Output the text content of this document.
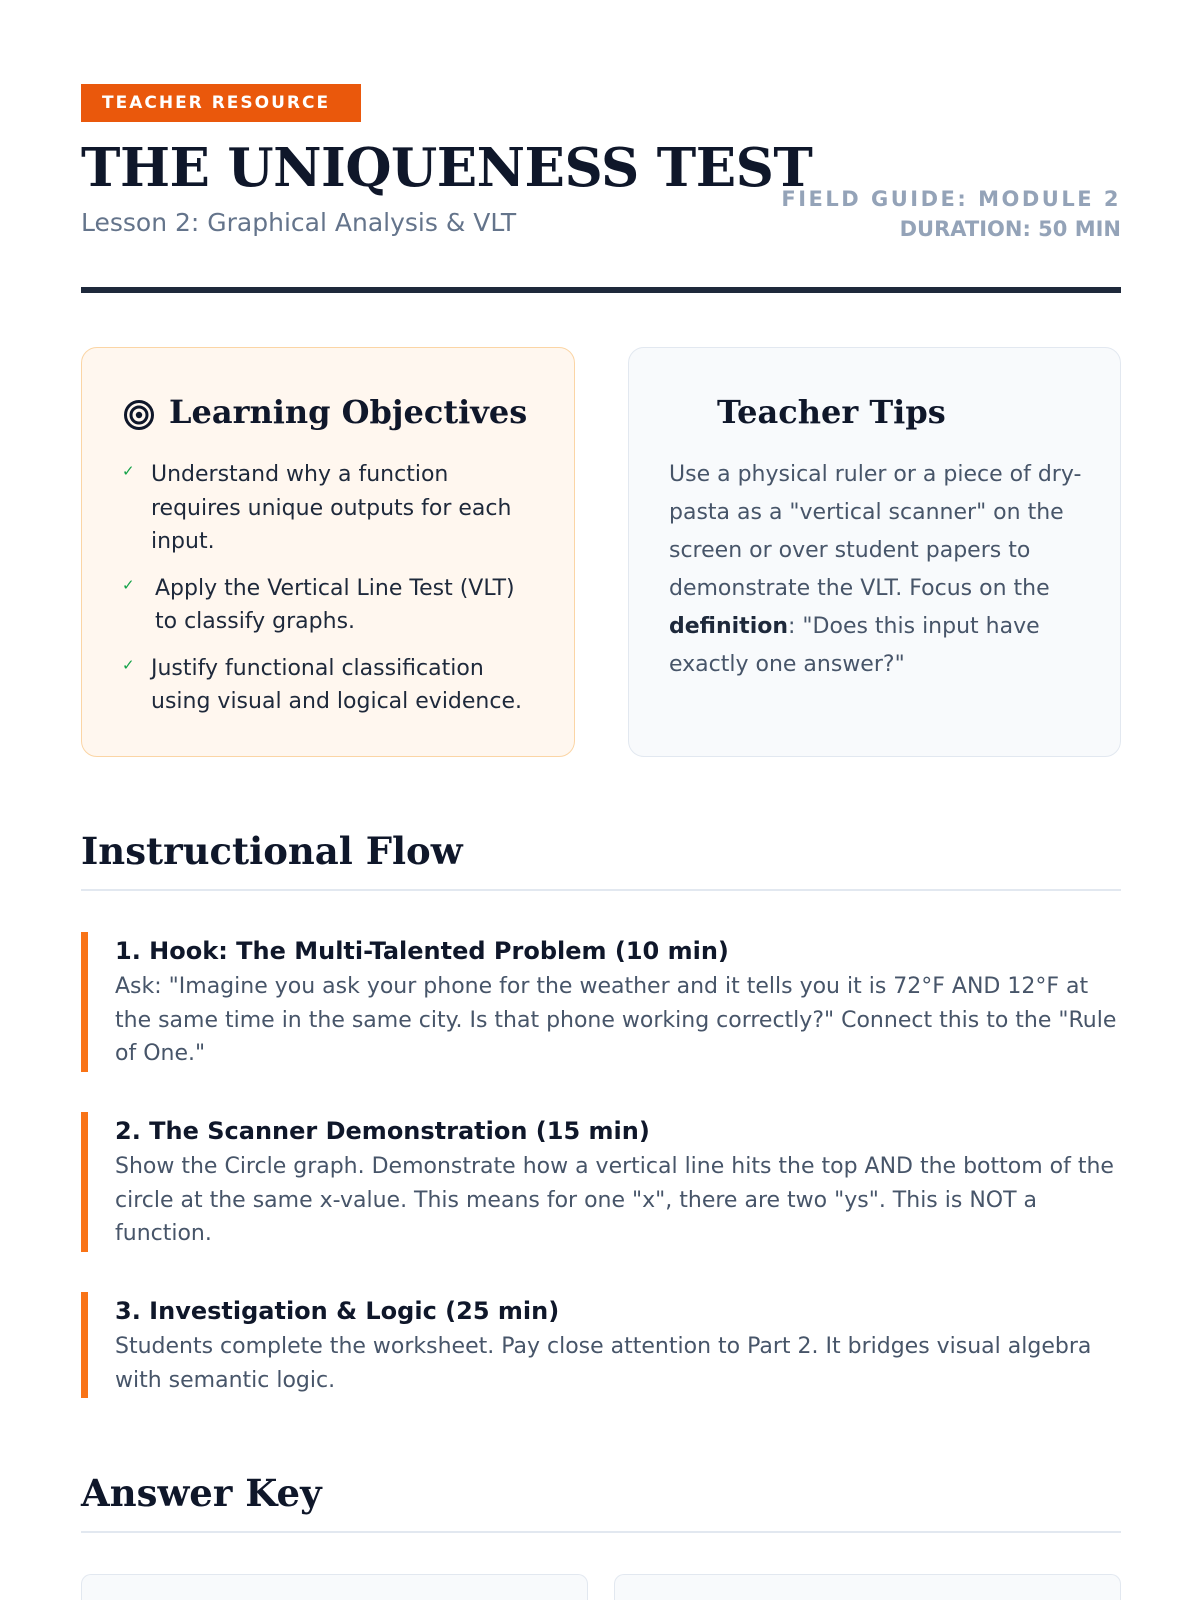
TEACHER RESOURCE
THE UNIQUENESS TEST
Lesson 2: Graphical Analysis & VLT
FIELD GUIDE: MODULE 2
DURATION: 50 MIN
Learning Objectives
✓ Understand why a function requires unique outputs for each input.
✓ Apply the Vertical Line Test (VLT) to classify graphs.
✓ Justify functional classification using visual and logical evidence.
Teacher Tips

Use a physical ruler or a piece of dry-pasta as a "vertical scanner" on the screen or over student papers to demonstrate the VLT. Focus on the definition: "Does this input have exactly one answer?"

Instructional Flow
1. Hook: The Multi-Talented Problem (10 min)
Ask: "Imagine you ask your phone for the weather and it tells you it is 72°F AND 12°F at the same time in the same city. Is that phone working correctly?" Connect this to the "Rule of One."
2. The Scanner Demonstration (15 min)
Show the Circle graph. Demonstrate how a vertical line hits the top AND the bottom of the circle at the same x-value. This means for one "x", there are two "ys". This is NOT a function.
3. Investigation & Logic (25 min)
Students complete the worksheet. Pay close attention to Part 2. It bridges visual algebra with semantic logic.
Answer Key
